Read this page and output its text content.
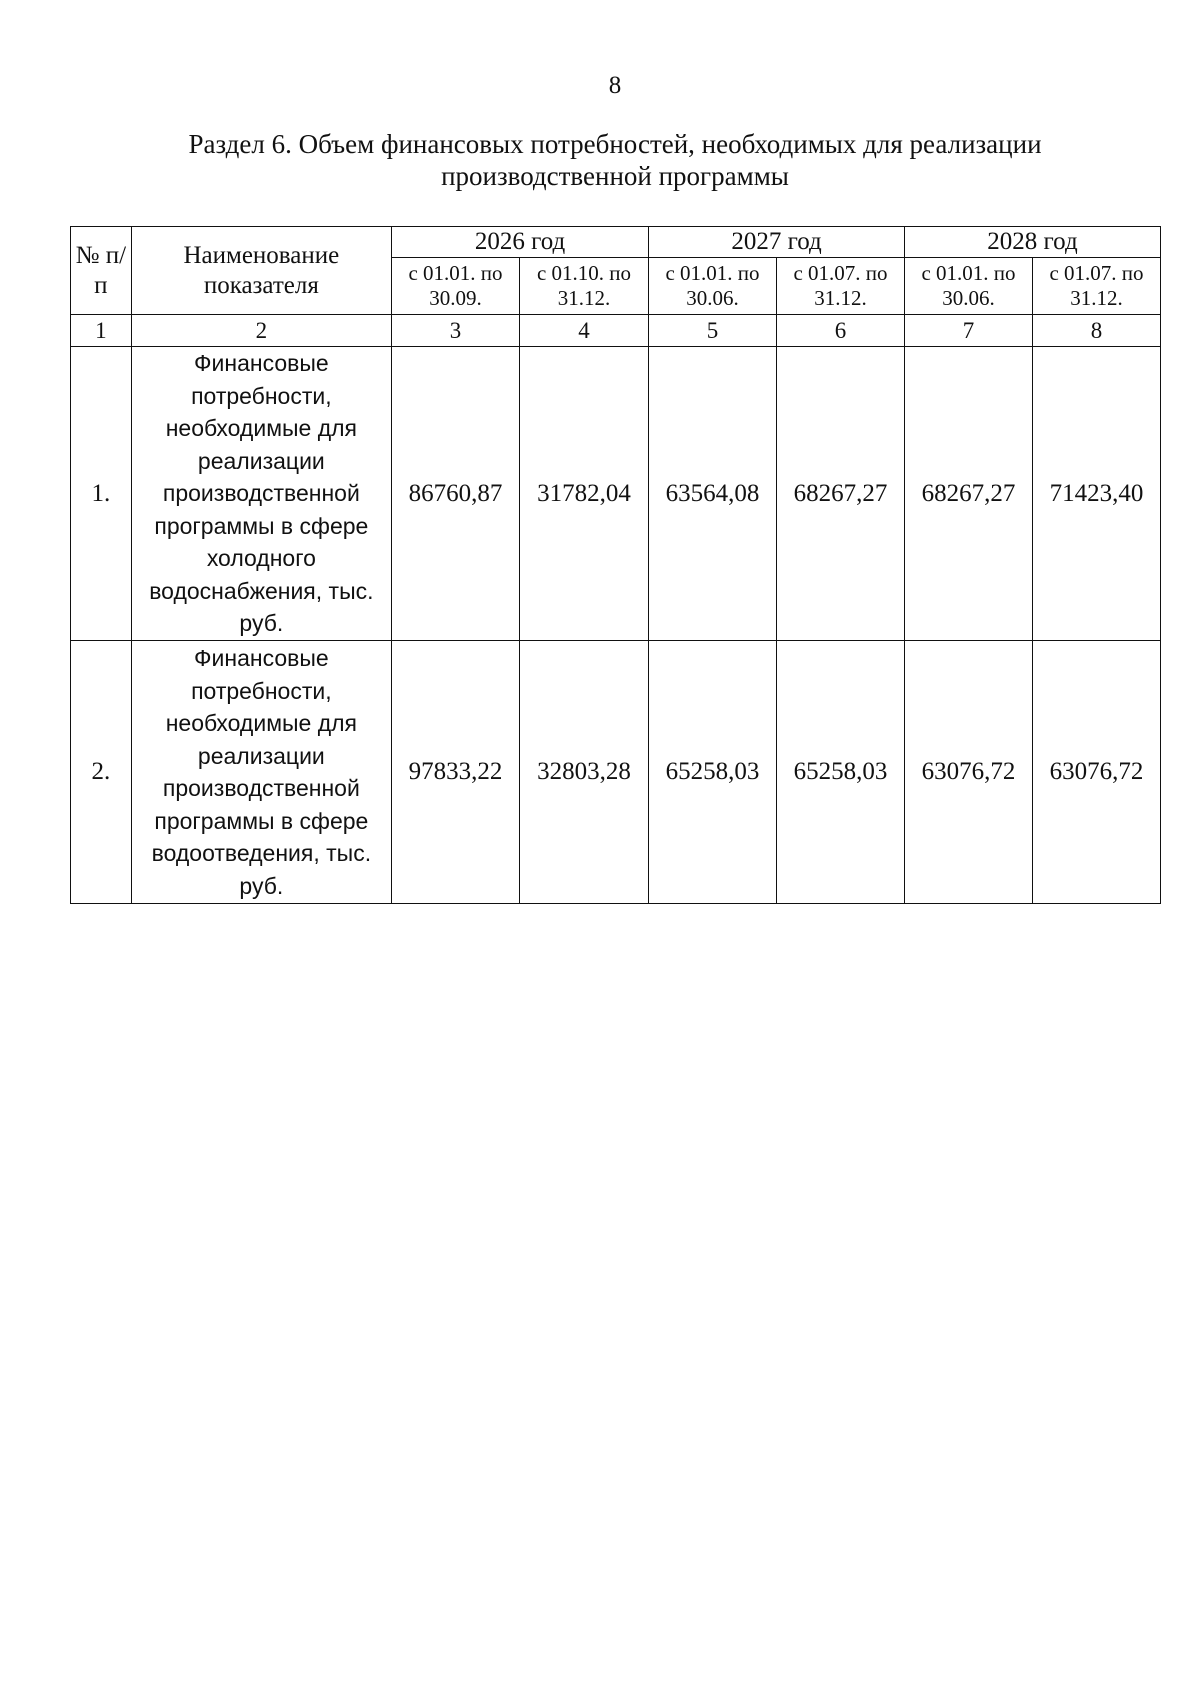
8
Раздел 6. Объем финансовых потребностей, необходимых для реализации производственной программы
№ п/п	Наименование показателя	2026 год		2027 год		2028 год	
		с 01.01. по 30.09.	с 01.10. по 31.12.	с 01.01. по 30.06.	с 01.07. по 31.12.	с 01.01. по 30.06.	с 01.07. по 31.12.
1	2	3	4	5	6	7	8
1.	Финансовые потребности, необходимые для реализации производственной программы в сфере холодного водоснабжения, тыс. руб.	86760,87	31782,04	63564,08	68267,27	68267,27	71423,40
2.	Финансовые потребности, необходимые для реализации производственной программы в сфере водоотведения, тыс. руб.	97833,22	32803,28	65258,03	65258,03	63076,72	63076,72
